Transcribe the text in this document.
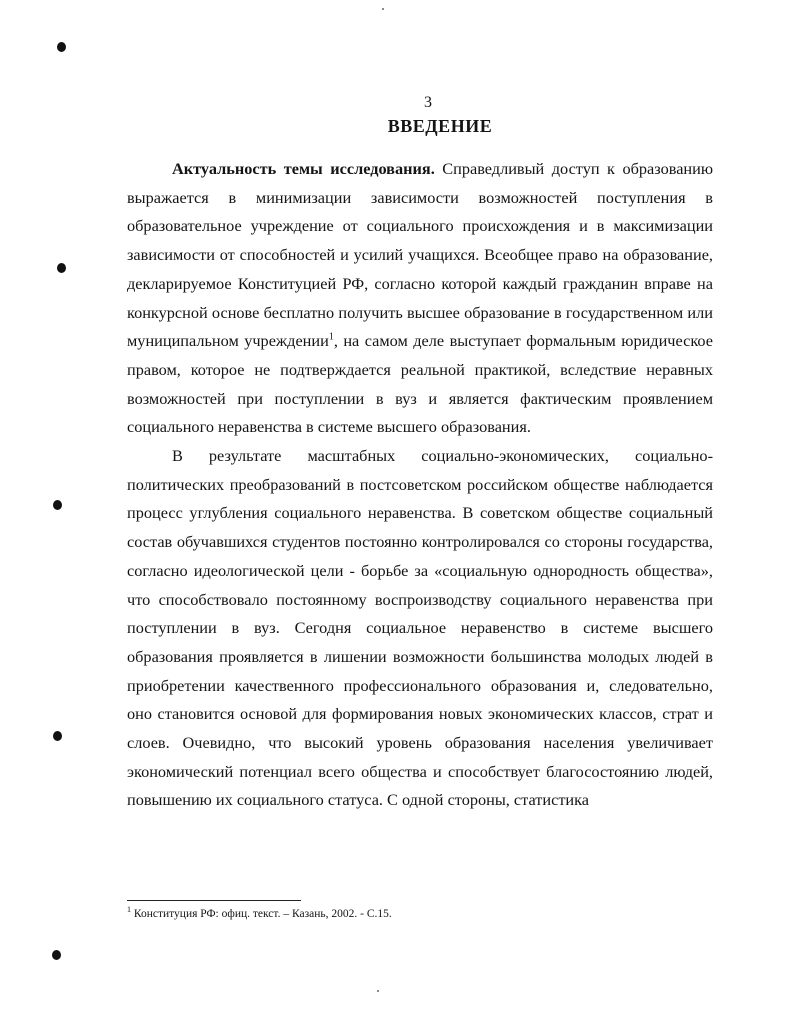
3
ВВЕДЕНИЕ

Актуальность темы исследования. Справедливый доступ к образованию выражается в минимизации зависимости возможностей поступления в образовательное учреждение от социального происхождения и в максимизации зависимости от способностей и усилий учащихся. Всеобщее право на образование, декларируемое Конституцией РФ, согласно которой каждый гражданин вправе на конкурсной основе бесплатно получить высшее образование в государственном или муниципальном учреждении$^1$, на самом деле выступает формальным юридическое правом, которое не подтверждается реальной практикой, вследствие неравных возможностей при поступлении в вуз и является фактическим проявлением социального неравенства в системе высшего образования.

В результате масштабных социально-экономических, социально-политических преобразований в постсоветском российском обществе наблюдается процесс углубления социального неравенства. В советском обществе социальный состав обучавшихся студентов постоянно контролировался со стороны государства, согласно идеологической цели - борьбе за «социальную однородность общества», что способствовало постоянному воспроизводству социального неравенства при поступлении в вуз. Сегодня социальное неравенство в системе высшего образования проявляется в лишении возможности большинства молодых людей в приобретении качественного профессионального образования и, следовательно, оно становится основой для формирования новых экономических классов, страт и слоев. Очевидно, что высокий уровень образования населения увеличивает экономический потенциал всего общества и способствует благосостоянию людей, повышению их социального статуса. С одной стороны, статистика

$^1$ Конституция РФ: офиц. текст. – Казань, 2002. - С.15.
